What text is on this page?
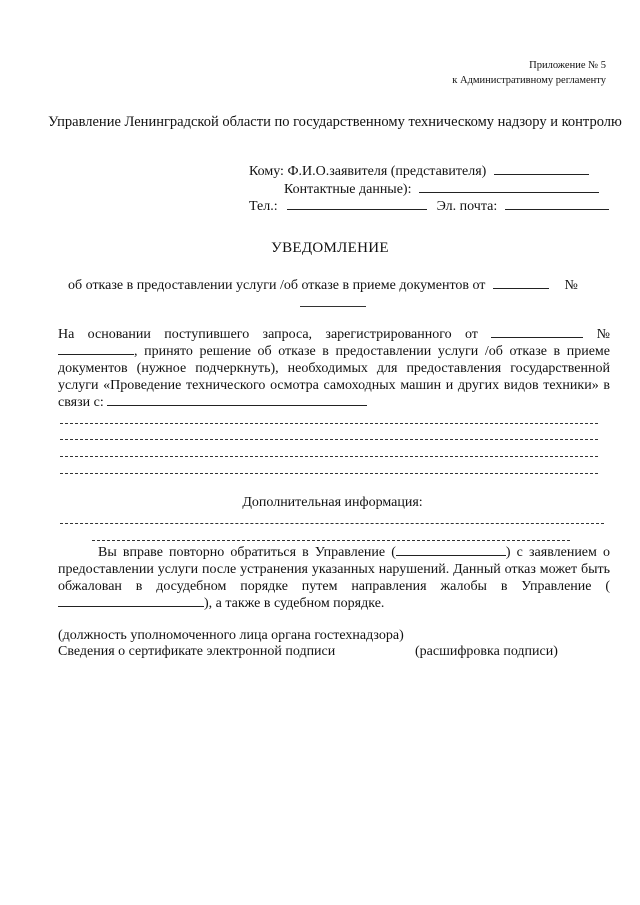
Приложение № 5
к Административному регламенту
Управление Ленинградской области по государственному техническому надзору и контролю
Кому: Ф.И.О.заявителя (представителя)
Контактные данные):
Тел.:	Эл. почта:
УВЕДОМЛЕНИЕ
об отказе в предоставлении услуги /об отказе в приеме документов от	№
На основании поступившего запроса, зарегистрированного от	№, принято решение об отказе в предоставлении услуги /об отказе в приеме документов (нужное подчеркнуть), необходимых для предоставления государственной услуги «Проведение технического осмотра самоходных машин и других видов техники» в связи с:
Дополнительная информация:
Вы вправе повторно обратиться в Управление (	) с заявлением о предоставлении услуги после устранения указанных нарушений. Данный отказ может быть обжалован в досудебном порядке путем направления жалобы в Управление (), а также в судебном порядке.
(должность уполномоченного лица органа гостехнадзора)
Сведения о сертификате электронной подписи	(расшифровка подписи)
